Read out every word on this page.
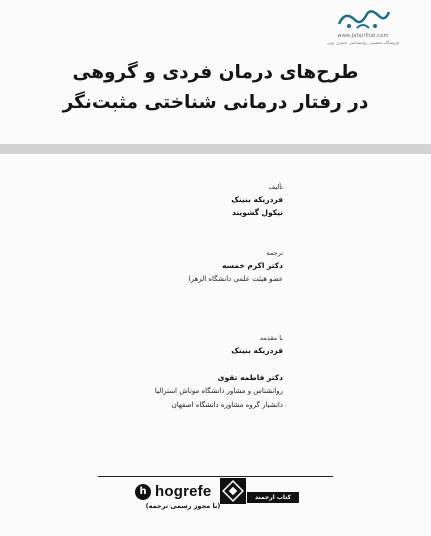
www.JafariPub.com
فروشگاه تخصصی روانشناسی جعفری نوین
طرح‌های درمان فردی و گروهی
در رفتار درمانی شناختی مثبت‌نگر
تألیف
فردریکه بنینک
نیکول گشویند
ترجمه
دکتر اکرم خمسه
عضو هیئت علمی دانشگاه الزهرا
با مقدمه
فردریکه بنینک
دکتر فاطمه تقوی
روانشناس و مشاور دانشگاه موناش استرالیا
دانشیار گروه مشاوره دانشگاه اصفهان
h hogrefe
(با مجوز رسمی ترجمه)
کتاب ارجمند
